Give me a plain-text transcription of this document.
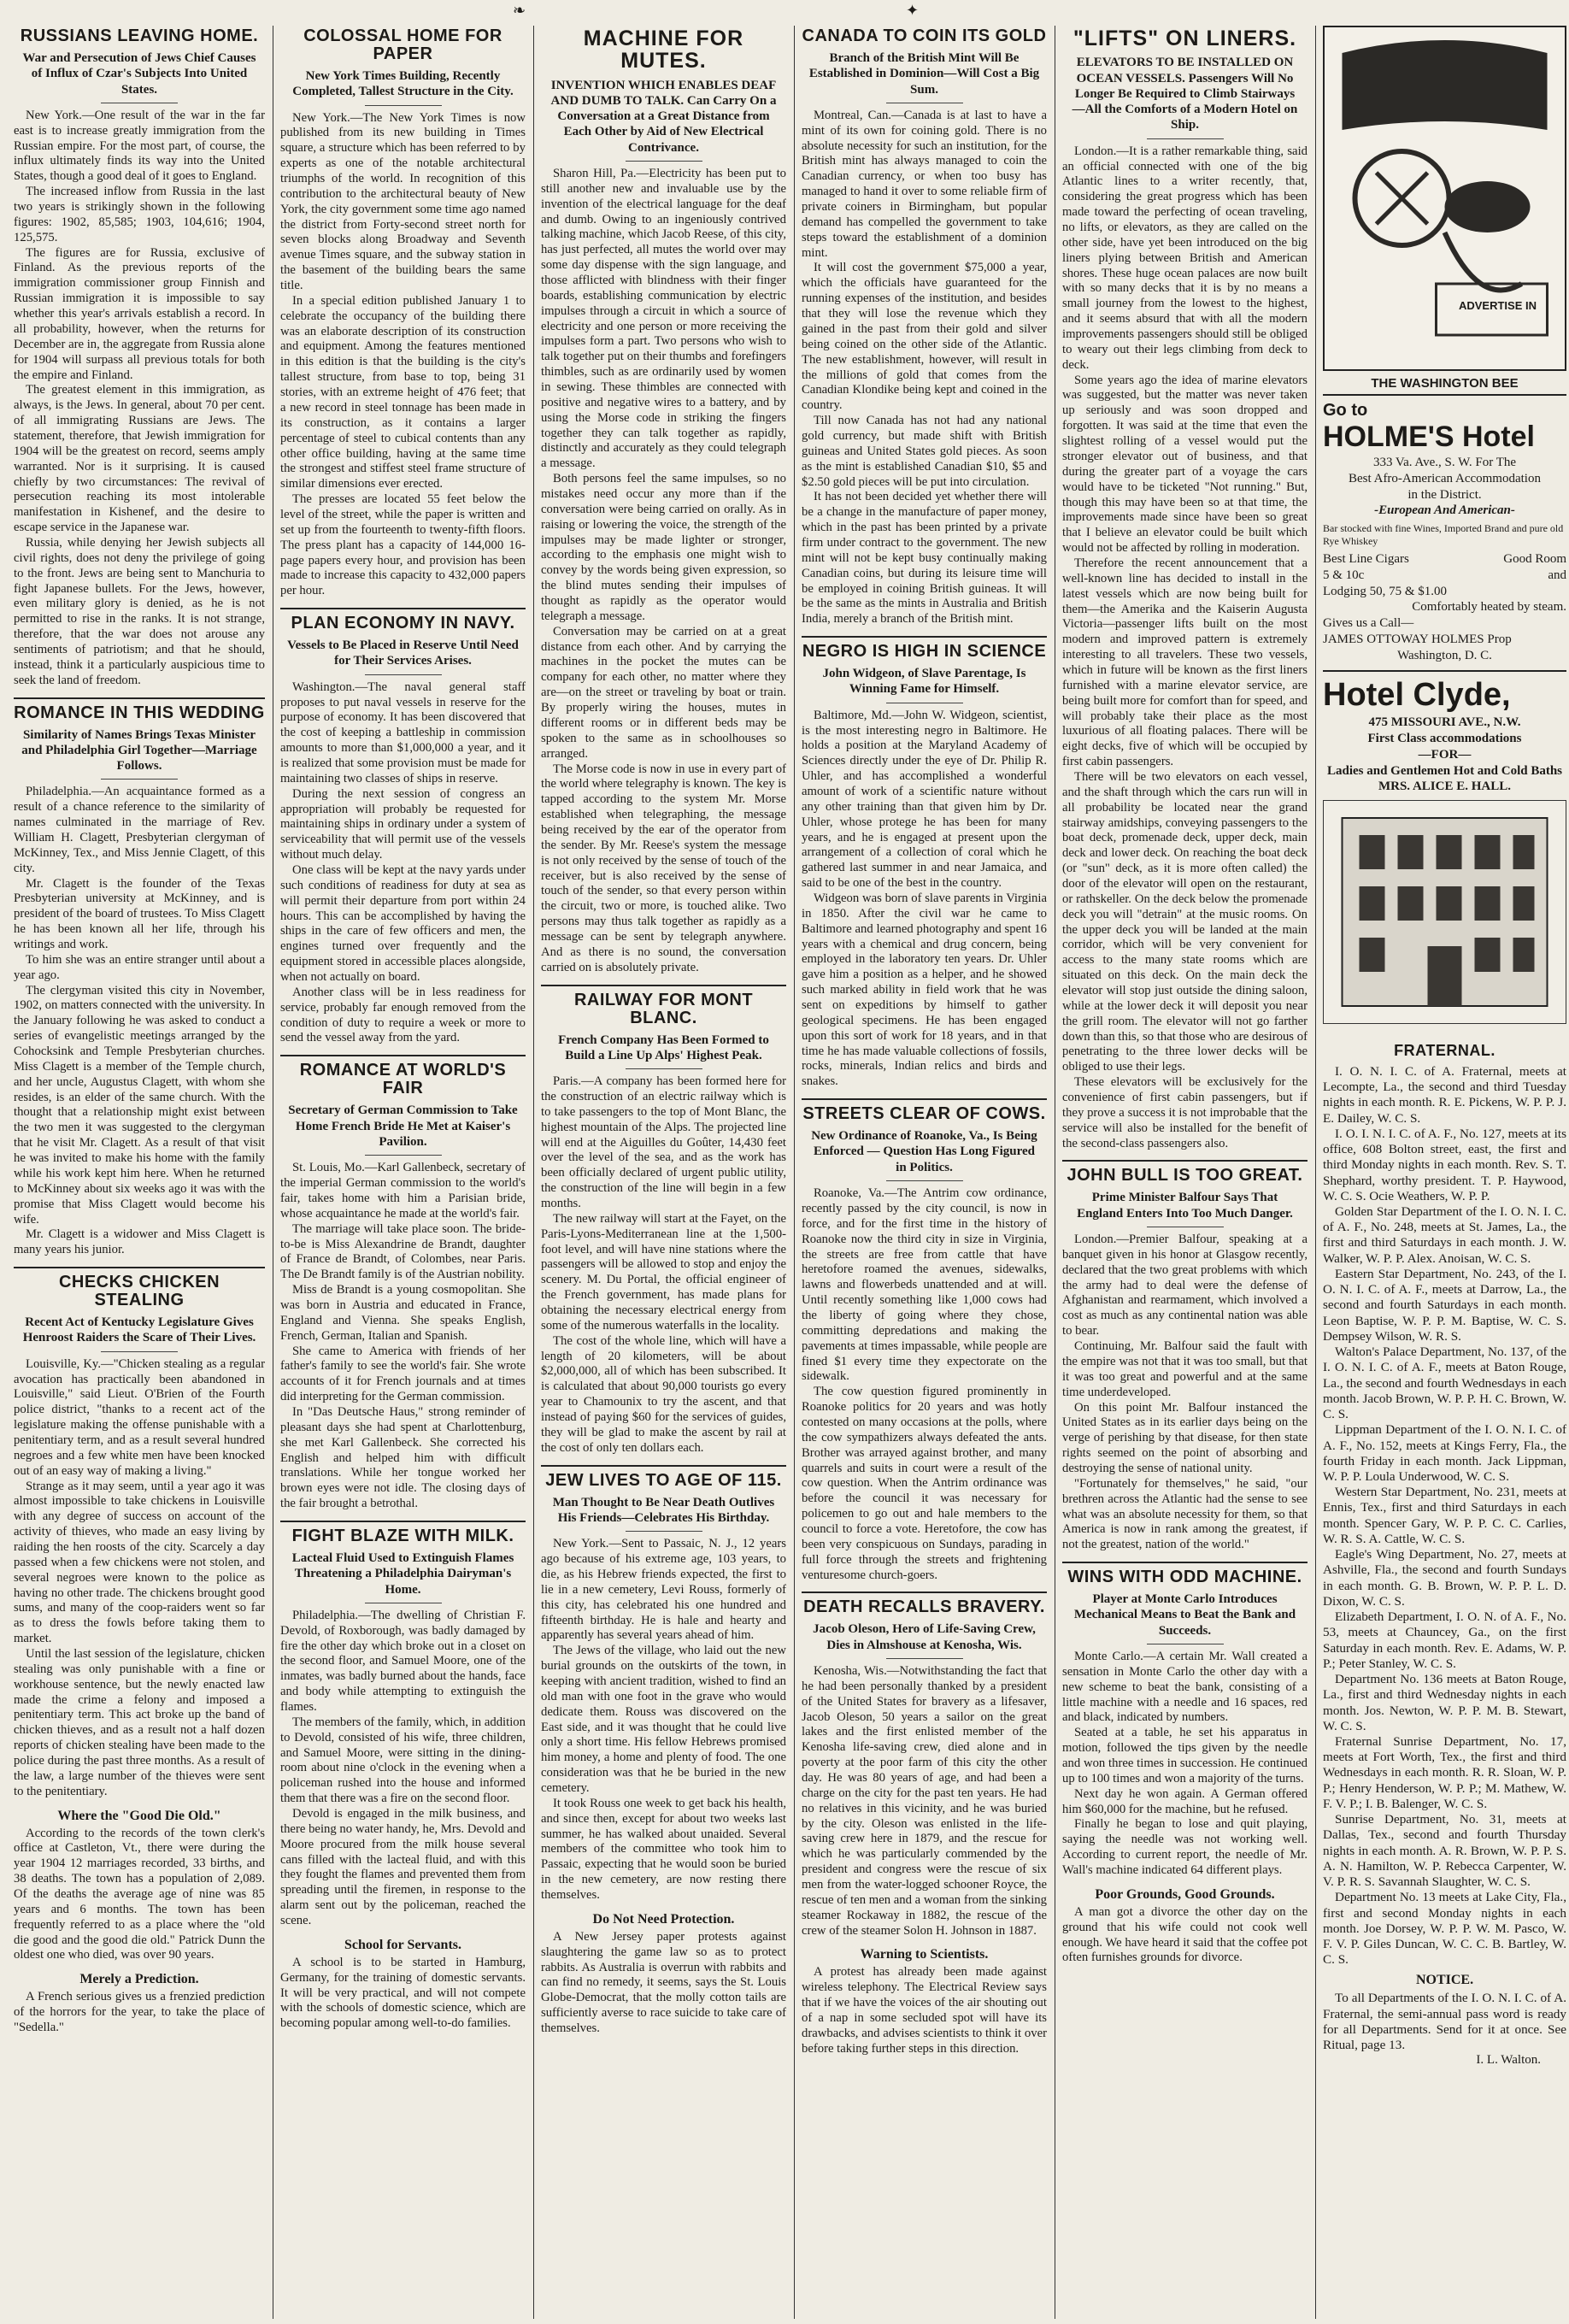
❧	✦
RUSSIANS LEAVING HOME.
War and Persecution of Jews Chief Causes of Influx of Czar's Subjects Into United States.

New York.—One result of the war in the far east is to increase greatly immigration from the Russian empire. For the most part, of course, the influx ultimately finds its way into the United States, though a good deal of it goes to England.

The increased inflow from Russia in the last two years is strikingly shown in the following figures: 1902, 85,585; 1903, 104,616; 1904, 125,575.

The figures are for Russia, exclusive of Finland. As the previous reports of the immigration commissioner group Finnish and Russian immigration it is impossible to say whether this year's arrivals establish a record. In all probability, however, when the returns for December are in, the aggregate from Russia alone for 1904 will surpass all previous totals for both the empire and Finland.

The greatest element in this immigration, as always, is the Jews. In general, about 70 per cent. of all immigrating Russians are Jews. The statement, therefore, that Jewish immigration for 1904 will be the greatest on record, seems amply warranted. Nor is it surprising. It is caused chiefly by two circumstances: The revival of persecution reaching its most intolerable manifestation in Kishenef, and the desire to escape service in the Japanese war.

Russia, while denying her Jewish subjects all civil rights, does not deny the privilege of going to the front. Jews are being sent to Manchuria to fight Japanese bullets. For the Jews, however, even military glory is denied, as he is not permitted to rise in the ranks. It is not strange, therefore, that the war does not arouse any sentiments of patriotism; and that he should, instead, think it a particularly auspicious time to seek the land of freedom.

ROMANCE IN THIS WEDDING
Similarity of Names Brings Texas Minister and Philadelphia Girl Together—Marriage Follows.

Philadelphia.—An acquaintance formed as a result of a chance reference to the similarity of names culminated in the marriage of Rev. William H. Clagett, Presbyterian clergyman of McKinney, Tex., and Miss Jennie Clagett, of this city.

Mr. Clagett is the founder of the Texas Presbyterian university at McKinney, and is president of the board of trustees. To Miss Clagett he has been known all her life, through his writings and work.

To him she was an entire stranger until about a year ago.

The clergyman visited this city in November, 1902, on matters connected with the university. In the January following he was asked to conduct a series of evangelistic meetings arranged by the Cohocksink and Temple Presbyterian churches. Miss Clagett is a member of the Temple church, and her uncle, Augustus Clagett, with whom she resides, is an elder of the same church. With the thought that a relationship might exist between the two men it was suggested to the clergyman that he visit Mr. Clagett. As a result of that visit he was invited to make his home with the family while his work kept him here. When he returned to McKinney about six weeks ago it was with the promise that Miss Clagett would become his wife.

Mr. Clagett is a widower and Miss Clagett is many years his junior.

CHECKS CHICKEN STEALING
Recent Act of Kentucky Legislature Gives Henroost Raiders the Scare of Their Lives.

Louisville, Ky.—"Chicken stealing as a regular avocation has practically been abandoned in Louisville," said Lieut. O'Brien of the Fourth police district, "thanks to a recent act of the legislature making the offense punishable with a penitentiary term, and as a result several hundred negroes and a few white men have been knocked out of an easy way of making a living."

Strange as it may seem, until a year ago it was almost impossible to take chickens in Louisville with any degree of success on account of the activity of thieves, who made an easy living by raiding the hen roosts of the city. Scarcely a day passed when a few chickens were not stolen, and several negroes were known to the police as having no other trade. The chickens brought good sums, and many of the coop-raiders went so far as to dress the fowls before taking them to market.

Until the last session of the legislature, chicken stealing was only punishable with a fine or workhouse sentence, but the newly enacted law made the crime a felony and imposed a penitentiary term. This act broke up the band of chicken thieves, and as a result not a half dozen reports of chicken stealing have been made to the police during the past three months. As a result of the law, a large number of the thieves were sent to the penitentiary.

Where the "Good Die Old."

According to the records of the town clerk's office at Castleton, Vt., there were during the year 1904 12 marriages recorded, 33 births, and 38 deaths. The town has a population of 2,089. Of the deaths the average age of nine was 85 years and 6 months. The town has been frequently referred to as a place where the "old die good and the good die old." Patrick Dunn the oldest one who died, was over 90 years.

Merely a Prediction.

A French serious gives us a frenzied prediction of the horrors for the year, to take the place of "Sedella."

COLOSSAL HOME FOR PAPER
New York Times Building, Recently Completed, Tallest Structure in the City.

New York.—The New York Times is now published from its new building in Times square, a structure which has been referred to by experts as one of the notable architectural triumphs of the world. In recognition of this contribution to the architectural beauty of New York, the city government some time ago named the district from Forty-second street north for seven blocks along Broadway and Seventh avenue Times square, and the subway station in the basement of the building bears the same title.

In a special edition published January 1 to celebrate the occupancy of the building there was an elaborate description of its construction and equipment. Among the features mentioned in this edition is that the building is the city's tallest structure, from base to top, being 31 stories, with an extreme height of 476 feet; that a new record in steel tonnage has been made in its construction, as it contains a larger percentage of steel to cubical contents than any other office building, having at the same time the strongest and stiffest steel frame structure of similar dimensions ever erected.

The presses are located 55 feet below the level of the street, while the paper is written and set up from the fourteenth to twenty-fifth floors. The press plant has a capacity of 144,000 16-page papers every hour, and provision has been made to increase this capacity to 432,000 papers per hour.

PLAN ECONOMY IN NAVY.
Vessels to Be Placed in Reserve Until Need for Their Services Arises.

Washington.—The naval general staff proposes to put naval vessels in reserve for the purpose of economy. It has been discovered that the cost of keeping a battleship in commission amounts to more than $1,000,000 a year, and it is realized that some provision must be made for maintaining two classes of ships in reserve.

During the next session of congress an appropriation will probably be requested for maintaining ships in ordinary under a system of serviceability that will permit use of the vessels without much delay.

One class will be kept at the navy yards under such conditions of readiness for duty at sea as will permit their departure from port within 24 hours. This can be accomplished by having the ships in the care of few officers and men, the engines turned over frequently and the equipment stored in accessible places alongside, when not actually on board.

Another class will be in less readiness for service, probably far enough removed from the condition of duty to require a week or more to send the vessel away from the yard.

ROMANCE AT WORLD'S FAIR
Secretary of German Commission to Take Home French Bride He Met at Kaiser's Pavilion.

St. Louis, Mo.—Karl Gallenbeck, secretary of the imperial German commission to the world's fair, takes home with him a Parisian bride, whose acquaintance he made at the world's fair.

The marriage will take place soon. The bride-to-be is Miss Alexandrine de Brandt, daughter of France de Brandt, of Colombes, near Paris. The De Brandt family is of the Austrian nobility.

Miss de Brandt is a young cosmopolitan. She was born in Austria and educated in France, England and Vienna. She speaks English, French, German, Italian and Spanish.

She came to America with friends of her father's family to see the world's fair. She wrote accounts of it for French journals and at times did interpreting for the German commission.

In "Das Deutsche Haus," strong reminder of pleasant days she had spent at Charlottenburg, she met Karl Gallenbeck. She corrected his English and helped him with difficult translations. While her tongue worked her brown eyes were not idle. The closing days of the fair brought a betrothal.

FIGHT BLAZE WITH MILK.
Lacteal Fluid Used to Extinguish Flames Threatening a Philadelphia Dairyman's Home.

Philadelphia.—The dwelling of Christian F. Devold, of Roxborough, was badly damaged by fire the other day which broke out in a closet on the second floor, and Samuel Moore, one of the inmates, was badly burned about the hands, face and body while attempting to extinguish the flames.

The members of the family, which, in addition to Devold, consisted of his wife, three children, and Samuel Moore, were sitting in the dining-room about nine o'clock in the evening when a policeman rushed into the house and informed them that there was a fire on the second floor.

Devold is engaged in the milk business, and there being no water handy, he, Mrs. Devold and Moore procured from the milk house several cans filled with the lacteal fluid, and with this they fought the flames and prevented them from spreading until the firemen, in response to the alarm sent out by the policeman, reached the scene.

School for Servants.

A school is to be started in Hamburg, Germany, for the training of domestic servants. It will be very practical, and will not compete with the schools of domestic science, which are becoming popular among well-to-do families.

MACHINE FOR MUTES.
INVENTION WHICH ENABLES DEAF AND DUMB TO TALK. Can Carry On a Conversation at a Great Distance from Each Other by Aid of New Electrical Contrivance.

Sharon Hill, Pa.—Electricity has been put to still another new and invaluable use by the invention of the electrical language for the deaf and dumb. Owing to an ingeniously contrived talking machine, which Jacob Reese, of this city, has just perfected, all mutes the world over may some day dispense with the sign language, and those afflicted with blindness with their finger boards, establishing communication by electric impulses through a circuit in which a source of electricity and one person or more receiving the impulses form a part. Two persons who wish to talk together put on their thumbs and forefingers thimbles, such as are ordinarily used by women in sewing. These thimbles are connected with positive and negative wires to a battery, and by using the Morse code in striking the fingers together they can talk together as rapidly, distinctly and accurately as they could telegraph a message.

Both persons feel the same impulses, so no mistakes need occur any more than if the conversation were being carried on orally. As in raising or lowering the voice, the strength of the impulses may be made lighter or stronger, according to the emphasis one might wish to convey by the words being given expression, so the blind mutes sending their impulses of thought as rapidly as the operator would telegraph a message.

Conversation may be carried on at a great distance from each other. And by carrying the machines in the pocket the mutes can be company for each other, no matter where they are—on the street or traveling by boat or train. By properly wiring the houses, mutes in different rooms or in different beds may be spoken to the same as in schoolhouses so arranged.

The Morse code is now in use in every part of the world where telegraphy is known. The key is tapped according to the system Mr. Morse established when telegraphing, the message being received by the ear of the operator from the sender. By Mr. Reese's system the message is not only received by the sense of touch of the receiver, but is also received by the sense of touch of the sender, so that every person within the circuit, two or more, is touched alike. Two persons may thus talk together as rapidly as a message can be sent by telegraph anywhere. And as there is no sound, the conversation carried on is absolutely private.

RAILWAY FOR MONT BLANC.
French Company Has Been Formed to Build a Line Up Alps' Highest Peak.

Paris.—A company has been formed here for the construction of an electric railway which is to take passengers to the top of Mont Blanc, the highest mountain of the Alps. The projected line will end at the Aiguilles du Goûter, 14,430 feet over the level of the sea, and as the work has been officially declared of urgent public utility, the construction of the line will begin in a few months.

The new railway will start at the Fayet, on the Paris-Lyons-Mediterranean line at the 1,500-foot level, and will have nine stations where the passengers will be allowed to stop and enjoy the scenery. M. Du Portal, the official engineer of the French government, has made plans for obtaining the necessary electrical energy from some of the numerous waterfalls in the locality.

The cost of the whole line, which will have a length of 20 kilometers, will be about $2,000,000, all of which has been subscribed. It is calculated that about 90,000 tourists go every year to Chamounix to try the ascent, and that instead of paying $60 for the services of guides, they will be glad to make the ascent by rail at the cost of only ten dollars each.

JEW LIVES TO AGE OF 115.
Man Thought to Be Near Death Outlives His Friends—Celebrates His Birthday.

New York.—Sent to Passaic, N. J., 12 years ago because of his extreme age, 103 years, to die, as his Hebrew friends expected, the first to lie in a new cemetery, Levi Rouss, formerly of this city, has celebrated his one hundred and fifteenth birthday. He is hale and hearty and apparently has several years ahead of him.

The Jews of the village, who laid out the new burial grounds on the outskirts of the town, in keeping with ancient tradition, wished to find an old man with one foot in the grave who would dedicate them. Rouss was discovered on the East side, and it was thought that he could live only a short time. His fellow Hebrews promised him money, a home and plenty of food. The one consideration was that he be buried in the new cemetery.

It took Rouss one week to get back his health, and since then, except for about two weeks last summer, he has walked about unaided. Several members of the committee who took him to Passaic, expecting that he would soon be buried in the new cemetery, are now resting there themselves.

Do Not Need Protection.

A New Jersey paper protests against slaughtering the game law so as to protect rabbits. As Australia is overrun with rabbits and can find no remedy, it seems, says the St. Louis Globe-Democrat, that the molly cotton tails are sufficiently averse to race suicide to take care of themselves.

CANADA TO COIN ITS GOLD
Branch of the British Mint Will Be Established in Dominion—Will Cost a Big Sum.

Montreal, Can.—Canada is at last to have a mint of its own for coining gold. There is no absolute necessity for such an institution, for the British mint has always managed to coin the Canadian currency, or when too busy has managed to hand it over to some reliable firm of private coiners in Birmingham, but popular demand has compelled the government to take steps toward the establishment of a dominion mint.

It will cost the government $75,000 a year, which the officials have guaranteed for the running expenses of the institution, and besides that they will lose the revenue which they gained in the past from their gold and silver being coined on the other side of the Atlantic. The new establishment, however, will result in the millions of gold that comes from the Canadian Klondike being kept and coined in the country.

Till now Canada has not had any national gold currency, but made shift with British guineas and United States gold pieces. As soon as the mint is established Canadian $10, $5 and $2.50 gold pieces will be put into circulation.

It has not been decided yet whether there will be a change in the manufacture of paper money, which in the past has been printed by a private firm under contract to the government. The new mint will not be kept busy continually making Canadian coins, but during its leisure time will be employed in coining British guineas. It will be the same as the mints in Australia and British India, merely a branch of the British mint.

NEGRO IS HIGH IN SCIENCE
John Widgeon, of Slave Parentage, Is Winning Fame for Himself.

Baltimore, Md.—John W. Widgeon, scientist, is the most interesting negro in Baltimore. He holds a position at the Maryland Academy of Sciences directly under the eye of Dr. Philip R. Uhler, and has accomplished a wonderful amount of work of a scientific nature without any other training than that given him by Dr. Uhler, whose protege he has been for many years, and he is engaged at present upon the arrangement of a collection of coral which he gathered last summer in and near Jamaica, and said to be one of the best in the country.

Widgeon was born of slave parents in Virginia in 1850. After the civil war he came to Baltimore and learned photography and spent 16 years with a chemical and drug concern, being employed in the laboratory ten years. Dr. Uhler gave him a position as a helper, and he showed such marked ability in field work that he was sent on expeditions by himself to gather geological specimens. He has been engaged upon this sort of work for 18 years, and in that time he has made valuable collections of fossils, rocks, minerals, Indian relics and birds and snakes.

STREETS CLEAR OF COWS.
New Ordinance of Roanoke, Va., Is Being Enforced — Question Has Long Figured in Politics.

Roanoke, Va.—The Antrim cow ordinance, recently passed by the city council, is now in force, and for the first time in the history of Roanoke now the third city in size in Virginia, the streets are free from cattle that have heretofore roamed the avenues, sidewalks, lawns and flowerbeds unattended and at will. Until recently something like 1,000 cows had the liberty of going where they chose, committing depredations and making the pavements at times impassable, while people are fined $1 every time they expectorate on the sidewalk.

The cow question figured prominently in Roanoke politics for 20 years and was hotly contested on many occasions at the polls, where the cow sympathizers always defeated the ants. Brother was arrayed against brother, and many quarrels and suits in court were a result of the cow question. When the Antrim ordinance was before the council it was necessary for policemen to go out and hale members to the council to force a vote. Heretofore, the cow has been very conspicuous on Sundays, parading in full force through the streets and frightening venturesome church-goers.

DEATH RECALLS BRAVERY.
Jacob Oleson, Hero of Life-Saving Crew, Dies in Almshouse at Kenosha, Wis.

Kenosha, Wis.—Notwithstanding the fact that he had been personally thanked by a president of the United States for bravery as a lifesaver, Jacob Oleson, 50 years a sailor on the great lakes and the first enlisted member of the Kenosha life-saving crew, died alone and in poverty at the poor farm of this city the other day. He was 80 years of age, and had been a charge on the city for the past ten years. He had no relatives in this vicinity, and he was buried by the city. Oleson was enlisted in the life-saving crew here in 1879, and the rescue for which he was particularly commended by the president and congress were the rescue of six men from the water-logged schooner Royce, the rescue of ten men and a woman from the sinking steamer Rockaway in 1882, the rescue of the crew of the steamer Solon H. Johnson in 1887.

Warning to Scientists.

A protest has already been made against wireless telephony. The Electrical Review says that if we have the voices of the air shouting out of a nap in some secluded spot will have its drawbacks, and advises scientists to think it over before taking further steps in this direction.

"LIFTS" ON LINERS.
ELEVATORS TO BE INSTALLED ON OCEAN VESSELS. Passengers Will No Longer Be Required to Climb Stairways—All the Comforts of a Modern Hotel on Ship.

London.—It is a rather remarkable thing, said an official connected with one of the big Atlantic lines to a writer recently, that, considering the great progress which has been made toward the perfecting of ocean traveling, no lifts, or elevators, as they are called on the other side, have yet been introduced on the big liners plying between British and American shores. These huge ocean palaces are now built with so many decks that it is by no means a small journey from the lowest to the highest, and it seems absurd that with all the modern improvements passengers should still be obliged to weary out their legs climbing from deck to deck.

Some years ago the idea of marine elevators was suggested, but the matter was never taken up seriously and was soon dropped and forgotten. It was said at the time that even the slightest rolling of a vessel would put the stronger elevator out of business, and that during the greater part of a voyage the cars would have to be ticketed "Not running." But, though this may have been so at that time, the improvements made since have been so great that I believe an elevator could be built which would not be affected by rolling in moderation.

Therefore the recent announcement that a well-known line has decided to install in the latest vessels which are now being built for them—the Amerika and the Kaiserin Augusta Victoria—passenger lifts built on the most modern and improved pattern is extremely interesting to all travelers. These two vessels, which in future will be known as the first liners furnished with a marine elevator service, are being built more for comfort than for speed, and will probably take their place as the most luxurious of all floating palaces. There will be eight decks, five of which will be occupied by first cabin passengers.

There will be two elevators on each vessel, and the shaft through which the cars run will in all probability be located near the grand stairway amidships, conveying passengers to the boat deck, promenade deck, upper deck, main deck and lower deck. On reaching the boat deck (or "sun" deck, as it is more often called) the door of the elevator will open on the restaurant, or rathskeller. On the deck below the promenade deck you will "detrain" at the music rooms. On the upper deck you will be landed at the main corridor, which will be very convenient for access to the many state rooms which are situated on this deck. On the main deck the elevator will stop just outside the dining saloon, while at the lower deck it will deposit you near the grill room. The elevator will not go farther down than this, so that those who are desirous of penetrating to the three lower decks will be obliged to use their legs.

These elevators will be exclusively for the convenience of first cabin passengers, but if they prove a success it is not improbable that the service will also be installed for the benefit of the second-class passengers also.

JOHN BULL IS TOO GREAT.
Prime Minister Balfour Says That England Enters Into Too Much Danger.

London.—Premier Balfour, speaking at a banquet given in his honor at Glasgow recently, declared that the two great problems with which the army had to deal were the defense of Afghanistan and rearmament, which involved a cost as much as any continental nation was able to bear.

Continuing, Mr. Balfour said the fault with the empire was not that it was too small, but that it was too great and powerful and at the same time underdeveloped.

On this point Mr. Balfour instanced the United States as in its earlier days being on the verge of perishing by that disease, for then state rights seemed on the point of absorbing and destroying the sense of national unity.

"Fortunately for themselves," he said, "our brethren across the Atlantic had the sense to see what was an absolute necessity for them, so that America is now in rank among the greatest, if not the greatest, nation of the world."

WINS WITH ODD MACHINE.
Player at Monte Carlo Introduces Mechanical Means to Beat the Bank and Succeeds.

Monte Carlo.—A certain Mr. Wall created a sensation in Monte Carlo the other day with a new scheme to beat the bank, consisting of a little machine with a needle and 16 spaces, red and black, indicated by numbers.

Seated at a table, he set his apparatus in motion, followed the tips given by the needle and won three times in succession. He continued up to 100 times and won a majority of the turns.

Next day he won again. A German offered him $60,000 for the machine, but he refused.

Finally he began to lose and quit playing, saying the needle was not working well. According to current report, the needle of Mr. Wall's machine indicated 64 different plays.

Poor Grounds, Good Grounds.

A man got a divorce the other day on the ground that his wife could not cook well enough. We have heard it said that the coffee pot often furnishes grounds for divorce.

ADVERTISE IN
THE WASHINGTON BEE
Go to
HOLME'S Hotel
333 Va. Ave., S. W. For The
Best Afro-American Accommodation
in the District.
-European And American-
Bar stocked with fine Wines, Imported Brand and pure old Rye Whiskey
Best Line Cigars	Good Room
5 & 10c	and
Lodging 50, 75 & $1.00
Comfortably heated by steam.
Gives us a Call—
JAMES OTTOWAY HOLMES Prop
Washington, D. C.
Hotel Clyde,
475 MISSOURI AVE., N.W.
First Class accommodations
—FOR—
Ladies and Gentlemen Hot and Cold Baths
MRS. ALICE E. HALL.
FRATERNAL.

I. O. N. I. C. of A. Fraternal, meets at Lecompte, La., the second and third Tuesday nights in each month. R. E. Pickens, W. P. P. J. E. Dailey, W. C. S.

I. O. I. N. I. C. of A. F., No. 127, meets at its office, 608 Bolton street, east, the first and third Monday nights in each month. Rev. S. T. Shephard, worthy president. T. P. Haywood, W. C. S. Ocie Weathers, W. P. P.

Golden Star Department of the I. O. N. I. C. of A. F., No. 248, meets at St. James, La., the first and third Saturdays in each month. J. W. Walker, W. P. P. Alex. Anoisan, W. C. S.

Eastern Star Department, No. 243, of the I. O. N. I. C. of A. F., meets at Darrow, La., the second and fourth Saturdays in each month. Leon Baptise, W. P. P. M. Baptise, W. C. S. Dempsey Wilson, W. R. S.

Walton's Palace Department, No. 137, of the I. O. N. I. C. of A. F., meets at Baton Rouge, La., the second and fourth Wednesdays in each month. Jacob Brown, W. P. P. H. C. Brown, W. C. S.

Lippman Department of the I. O. N. I. C. of A. F., No. 152, meets at Kings Ferry, Fla., the fourth Friday in each month. Jack Lippman, W. P. P. Loula Underwood, W. C. S.

Western Star Department, No. 231, meets at Ennis, Tex., first and third Saturdays in each month. Spencer Gary, W. P. P. C. C. Carlies, W. R. S. A. Cattle, W. C. S.

Eagle's Wing Department, No. 27, meets at Ashville, Fla., the second and fourth Sundays in each month. G. B. Brown, W. P. P. L. D. Dixon, W. C. S.

Elizabeth Department, I. O. N. of A. F., No. 53, meets at Chauncey, Ga., on the first Saturday in each month. Rev. E. Adams, W. P. P.; Peter Stanley, W. C. S.

Department No. 136 meets at Baton Rouge, La., first and third Wednesday nights in each month. Jos. Newton, W. P. P. M. B. Stewart, W. C. S.

Fraternal Sunrise Department, No. 17, meets at Fort Worth, Tex., the first and third Wednesdays in each month. R. R. Sloan, W. P. P.; Henry Henderson, W. P. P.; M. Mathew, W. F. V. P.; I. B. Balenger, W. C. S.

Sunrise Department, No. 31, meets at Dallas, Tex., second and fourth Thursday nights in each month. A. R. Brown, W. P. P. S. A. N. Hamilton, W. P. Rebecca Carpenter, W. V. P. R. S. Savannah Slaughter, W. C. S.

Department No. 13 meets at Lake City, Fla., first and second Monday nights in each month. Joe Dorsey, W. P. P. W. M. Pasco, W. F. V. P. Giles Duncan, W. C. C. B. Bartley, W. C. S.

NOTICE.

To all Departments of the I. O. N. I. C. of A. Fraternal, the semi-annual pass word is ready for all Departments. Send for it at once. See Ritual, page 13.

I. L. Walton.
